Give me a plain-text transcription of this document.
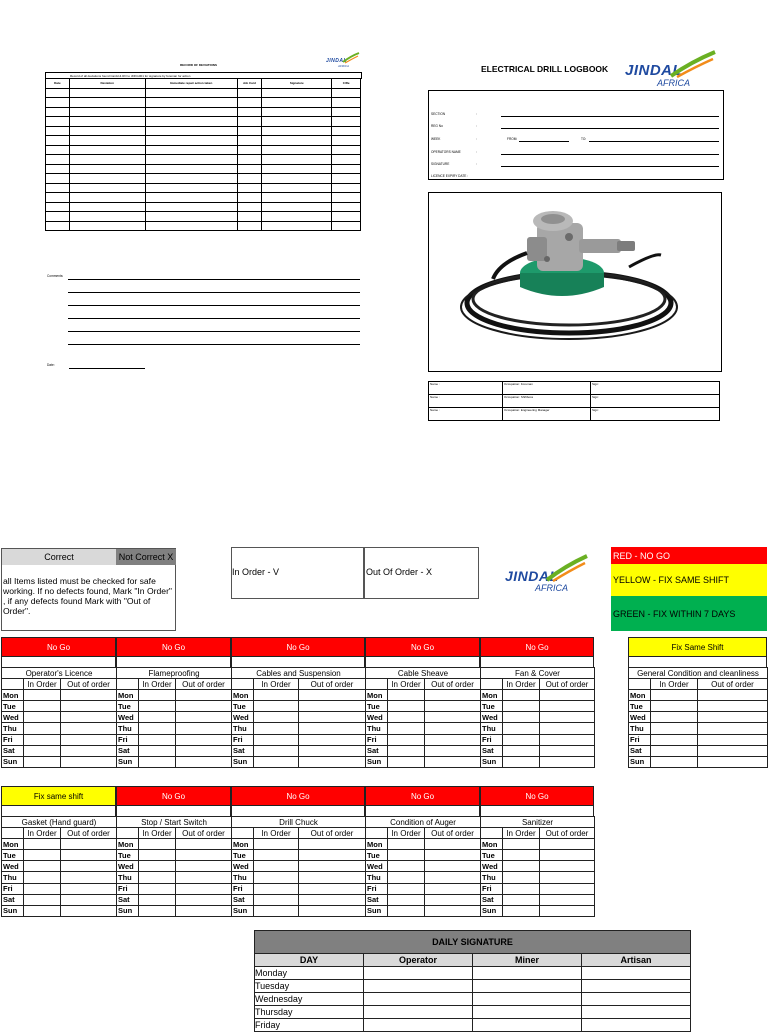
RECORD OF DEVIATIONS
JINDAL
AFRICA
Record of all deviations found Cardd & RO to JDKG001 for signature by foreman for action
Date	Deviation	Immediate repair action taken	Job Card	Signature	C/Re

Comments:
Date:
ELECTRICAL DRILL LOGBOOK JINDAL
AFRICA
SECTION
REG No
WEEK
OPERATORS NAME
SIGNATURE
LICENCE EXPIRY DATE :
:
:
:
:
:
FROM:	TO:
Name :	Occupation: Foreman	Sign:
Name :	Occupation: Shiftboss	Sign:
Name :	Occupation: Engineering Manager	Sign:
Correct	Not Correct X
all Items listed must be checked for safe working. If no defects found, Mark "In Order" , if any defects found Mark with "Out of Order".
In Order - V	Out Of Order - X	JINDAL
AFRICA
RED - NO GO
YELLOW - FIX SAME SHIFT
GREEN - FIX WITHIN 7 DAYS
No Go
Operator's Licence		
	In Order	Out of order
Mon		
Tue		
Wed		
Thu		
Fri		
Sat		
Sun		
No Go
Flameproofing		
	In Order	Out of order
Mon		
Tue		
Wed		
Thu		
Fri		
Sat		
Sun		
No Go
Cables and Suspension		
	In Order	Out of order
Mon		
Tue		
Wed		
Thu		
Fri		
Sat		
Sun		
No Go
Cable Sheave		
	In Order	Out of order
Mon		
Tue		
Wed		
Thu		
Fri		
Sat		
Sun		
No Go
Fan & Cover		
	In Order	Out of order
Mon		
Tue		
Wed		
Thu		
Fri		
Sat		
Sun		
Fix Same Shift
General Condition and cleanliness		
	In Order	Out of order
Mon		
Tue		
Wed		
Thu		
Fri		
Sat		
Sun		
Fix same shift
Gasket (Hand guard)		
	In Order	Out of order
Mon		
Tue		
Wed		
Thu		
Fri		
Sat		
Sun		
No Go
Stop / Start Switch		
	In Order	Out of order
Mon		
Tue		
Wed		
Thu		
Fri		
Sat		
Sun		
No Go
Drill Chuck		
	In Order	Out of order
Mon		
Tue		
Wed		
Thu		
Fri		
Sat		
Sun		
No Go
Condition of Auger		
	In Order	Out of order
Mon		
Tue		
Wed		
Thu		
Fri		
Sat		
Sun		
No Go
Sanitizer		
	In Order	Out of order
Mon		
Tue		
Wed		
Thu		
Fri		
Sat		
Sun		
DAILY SIGNATURE			
DAY	Operator	Miner	Artisan
Monday			
Tuesday			
Wednesday			
Thursday			
Friday			
